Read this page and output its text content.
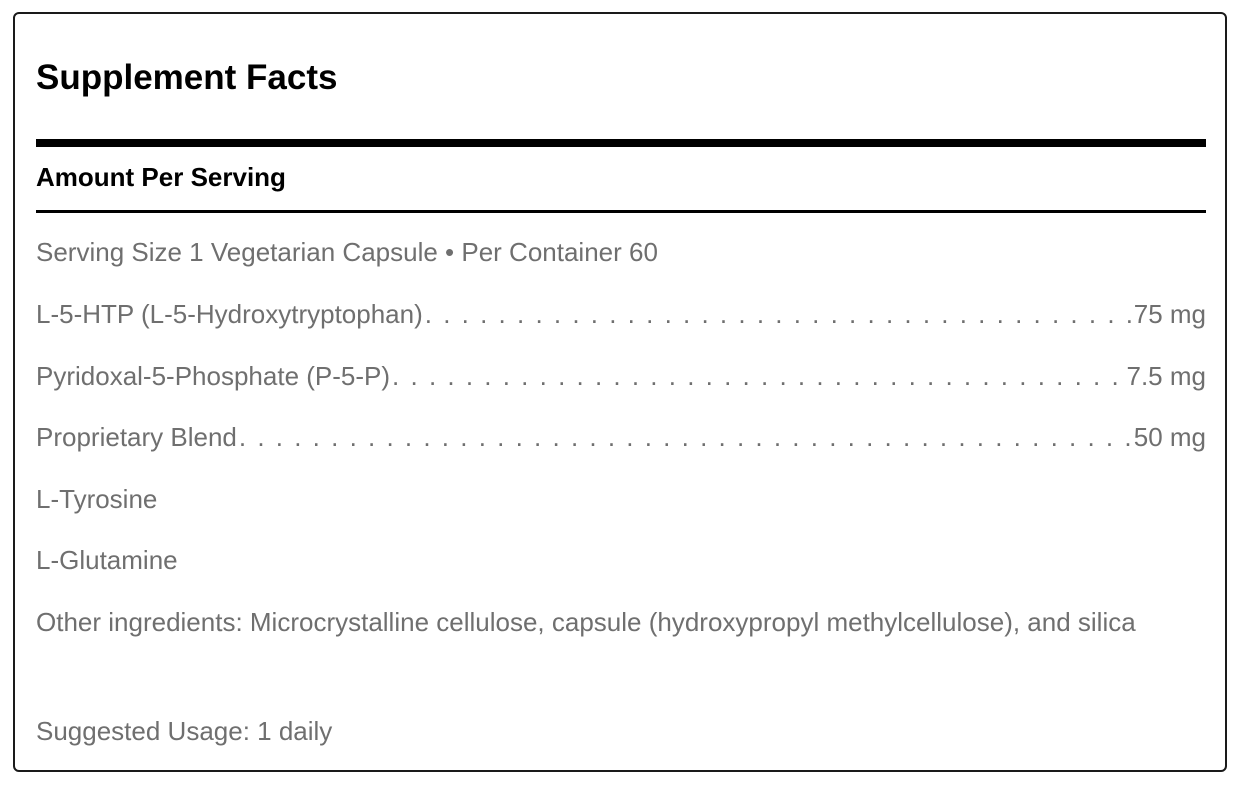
Supplement Facts
Amount Per Serving
Serving Size 1 Vegetarian Capsule • Per Container 60
L-5-HTP (L-5-Hydroxytryptophan) . . .	75 mg
Pyridoxal-5-Phosphate (P-5-P) . . .	7.5 mg
Proprietary Blend . . .	50 mg
L-Tyrosine
L-Glutamine
Other ingredients: Microcrystalline cellulose, capsule (hydroxypropyl methylcellulose), and silica
Suggested Usage: 1 daily
